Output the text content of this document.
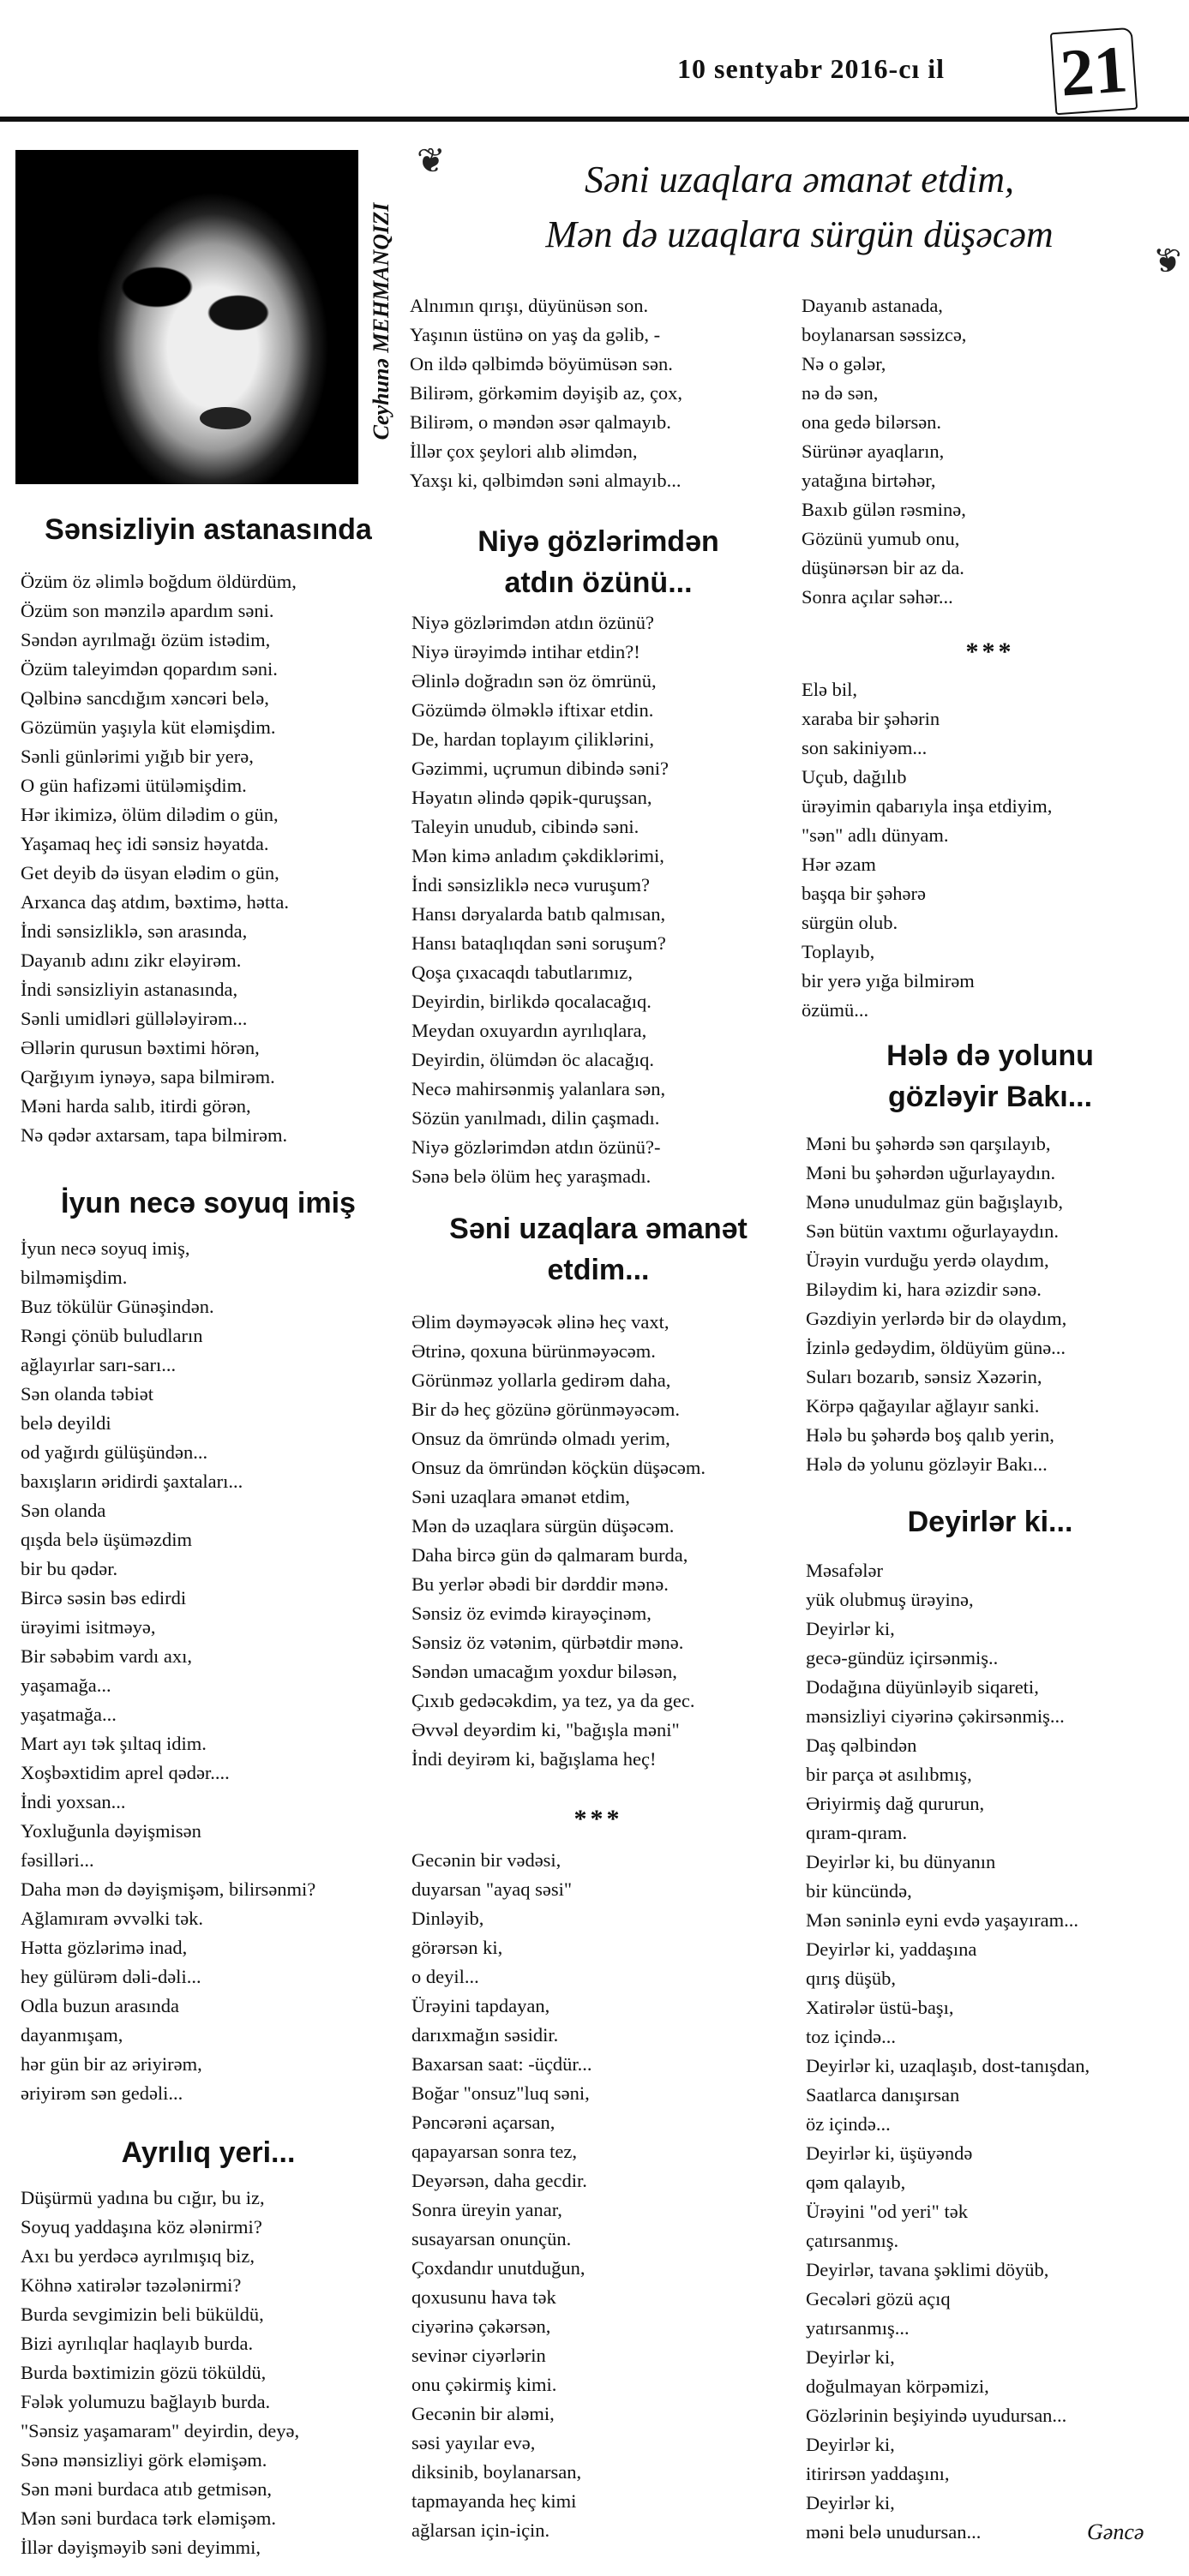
10 sentyabr 2016-cı il 21
Ceyhunə MEHMANQIZI
❦
❦
Səni uzaqlara əmanət etdim,
Mən də uzaqlara sürgün düşəcəm
Alnımın qırışı, düyünüsən son.
Yaşının üstünə on yaş da gəlib, -
On ildə qəlbimdə böyümüsən sən.
Bilirəm, görkəmim dəyişib az, çox,
Bilirəm, o məndən əsər qalmayıb.
İllər çox şeylori alıb əlimdən,
Yaxşı ki, qəlbimdən səni almayıb...
Dayanıb astanada,
boylanarsan səssizcə,
Nə o gələr,
nə də sən,
ona gedə bilərsən.
Sürünər ayaqların,
yatağına birtəhər,
Baxıb gülən rəsminə,
Gözünü yumub onu,
düşünərsən bir az da.
Sonra açılar səhər...
Sənsizliyin astanasında
Özüm öz əlimlə boğdum öldürdüm,
Özüm son mənzilə apardım səni.
Səndən ayrılmağı özüm istədim,
Özüm taleyimdən qopardım səni.
Qəlbinə sancdığım xəncəri belə,
Gözümün yaşıyla küt eləmişdim.
Sənli günlərimi yığıb bir yerə,
O gün hafizəmi ütüləmişdim.
Hər ikimizə, ölüm dilədim o gün,
Yaşamaq heç idi sənsiz həyatda.
Get deyib də üsyan elədim o gün,
Arxanca daş atdım, bəxtimə, hətta.
İndi sənsizliklə, sən arasında,
Dayanıb adını zikr eləyirəm.
İndi sənsizliyin astanasında,
Sənli umidləri güllələyirəm...
Əllərin qurusun bəxtimi hörən,
Qarğıyım iynəyə, sapa bilmirəm.
Məni harda salıb, itirdi görən,
Nə qədər axtarsam, tapa bilmirəm.
İyun necə soyuq imiş
İyun necə soyuq imiş,
bilməmişdim.
Buz tökülür Günəşindən.
Rəngi çönüb buludların
ağlayırlar sarı-sarı...
Sən olanda təbiət
belə deyildi
od yağırdı gülüşündən...
baxışların əridirdi şaxtaları...
Sən olanda
qışda belə üşüməzdim
bir bu qədər.
Bircə səsin bəs edirdi
ürəyimi isitməyə,
Bir səbəbim vardı axı,
yaşamağa...
yaşatmağa...
Mart ayı tək şıltaq idim.
Xoşbəxtidim aprel qədər....
İndi yoxsan...
Yoxluğunla dəyişmisən
fəsilləri...
Daha mən də dəyişmişəm, bilirsənmi?
Ağlamıram əvvəlki tək.
Hətta gözlərimə inad,
hey gülürəm dəli-dəli...
Odla buzun arasında
dayanmışam,
hər gün bir az əriyirəm,
əriyirəm sən gedəli...
Ayrılıq yeri...
Düşürmü yadına bu cığır, bu iz,
Soyuq yaddaşına köz ələnirmi?
Axı bu yerdəcə ayrılmışıq biz,
Köhnə xatirələr təzələnirmi?
Burda sevgimizin beli büküldü,
Bizi ayrılıqlar haqlayıb burda.
Burda bəxtimizin gözü töküldü,
Fələk yolumuzu bağlayıb burda.
"Sənsiz yaşamaram" deyirdin, deyə,
Sənə mənsizliyi görk eləmişəm.
Sən məni burdaca atıb getmisən,
Mən səni burdaca tərk eləmişəm.
İllər dəyişməyib səni deyimmi,
Niyə gözlərimdən
atdın özünü...
Niyə gözlərimdən atdın özünü?
Niyə ürəyimdə intihar etdin?!
Əlinlə doğradın sən öz ömrünü,
Gözümdə ölməklə iftixar etdin.
De, hardan toplayım çiliklərini,
Gəzimmi, uçrumun dibində səni?
Həyatın əlində qəpik-quruşsan,
Taleyin unudub, cibində səni.
Mən kimə anladım çəkdiklərimi,
İndi sənsizliklə necə vuruşum?
Hansı dəryalarda batıb qalmısan,
Hansı bataqlıqdan səni soruşum?
Qoşa çıxacaqdı tabutlarımız,
Deyirdin, birlikdə qocalacağıq.
Meydan oxuyardın ayrılıqlara,
Deyirdin, ölümdən öc alacağıq.
Necə mahirsənmiş yalanlara sən,
Sözün yanılmadı, dilin çaşmadı.
Niyə gözlərimdən atdın özünü?-
Sənə belə ölüm heç yaraşmadı.
Səni uzaqlara əmanət
etdim...
Əlim dəyməyəcək əlinə heç vaxt,
Ətrinə, qoxuna bürünməyəcəm.
Görünməz yollarla gedirəm daha,
Bir də heç gözünə görünməyəcəm.
Onsuz da ömründə olmadı yerim,
Onsuz da ömründən köçkün düşəcəm.
Səni uzaqlara əmanət etdim,
Mən də uzaqlara sürgün düşəcəm.
Daha bircə gün də qalmaram burda,
Bu yerlər əbədi bir dərddir mənə.
Sənsiz öz evimdə kirayəçinəm,
Sənsiz öz vətənim, qürbətdir mənə.
Səndən umacağım yoxdur biləsən,
Çıxıb gedəcəkdim, ya tez, ya da gec.
Əvvəl deyərdim ki, "bağışla məni"
İndi deyirəm ki, bağışlama heç!
***
Gecənin bir vədəsi,
duyarsan "ayaq səsi"
Dinləyib,
görərsən ki,
o deyil...
Ürəyini tapdayan,
darıxmağın səsidir.
Baxarsan saat: -üçdür...
Boğar "onsuz"luq səni,
Pəncərəni açarsan,
qapayarsan sonra tez,
Deyərsən, daha gecdir.
Sonra üreyin yanar,
susayarsan onunçün.
Çoxdandır unutduğun,
qoxusunu hava tək
ciyərinə çəkərsən,
sevinər ciyərlərin
onu çəkirmiş kimi.
Gecənin bir aləmi,
səsi yayılar evə,
diksinib, boylanarsan,
tapmayanda heç kimi
ağlarsan için-için.
***
Elə bil,
xaraba bir şəhərin
son sakiniyəm...
Uçub, dağılıb
ürəyimin qabarıyla inşa etdiyim,
"sən" adlı dünyam.
Hər əzam
başqa bir şəhərə
sürgün olub.
Toplayıb,
bir yerə yığa bilmirəm
özümü...
Hələ də yolunu
gözləyir Bakı...
Məni bu şəhərdə sən qarşılayıb,
Məni bu şəhərdən uğurlayaydın.
Mənə unudulmaz gün bağışlayıb,
Sən bütün vaxtımı oğurlayaydın.
Ürəyin vurduğu yerdə olaydım,
Biləydim ki, hara əzizdir sənə.
Gəzdiyin yerlərdə bir də olaydım,
İzinlə gedəydim, öldüyüm günə...
Suları bozarıb, sənsiz Xəzərin,
Körpə qağayılar ağlayır sanki.
Hələ bu şəhərdə boş qalıb yerin,
Hələ də yolunu gözləyir Bakı...
Deyirlər ki...
Məsafələr
yük olubmuş ürəyinə,
Deyirlər ki,
gecə-gündüz içirsənmiş..
Dodağına düyünləyib siqareti,
mənsizliyi ciyərinə çəkirsənmiş...
Daş qəlbindən
bir parça ət asılıbmış,
Əriyirmiş dağ qururun,
qıram-qıram.
Deyirlər ki, bu dünyanın
bir küncündə,
Mən səninlə eyni evdə yaşayıram...
Deyirlər ki, yaddaşına
qırış düşüb,
Xatirələr üstü-başı,
toz içində...
Deyirlər ki, uzaqlaşıb, dost-tanışdan,
Saatlarca danışırsan
öz içində...
Deyirlər ki, üşüyəndə
qəm qalayıb,
Ürəyini "od yeri" tək
çatırsanmış.
Deyirlər, tavana şəklimi döyüb,
Gecələri gözü açıq
yatırsanmış...
Deyirlər ki,
doğulmayan körpəmizi,
Gözlərinin beşiyində uyudursan...
Deyirlər ki,
itirirsən yaddaşını,
Deyirlər ki,
məni belə unudursan...	Gəncə
